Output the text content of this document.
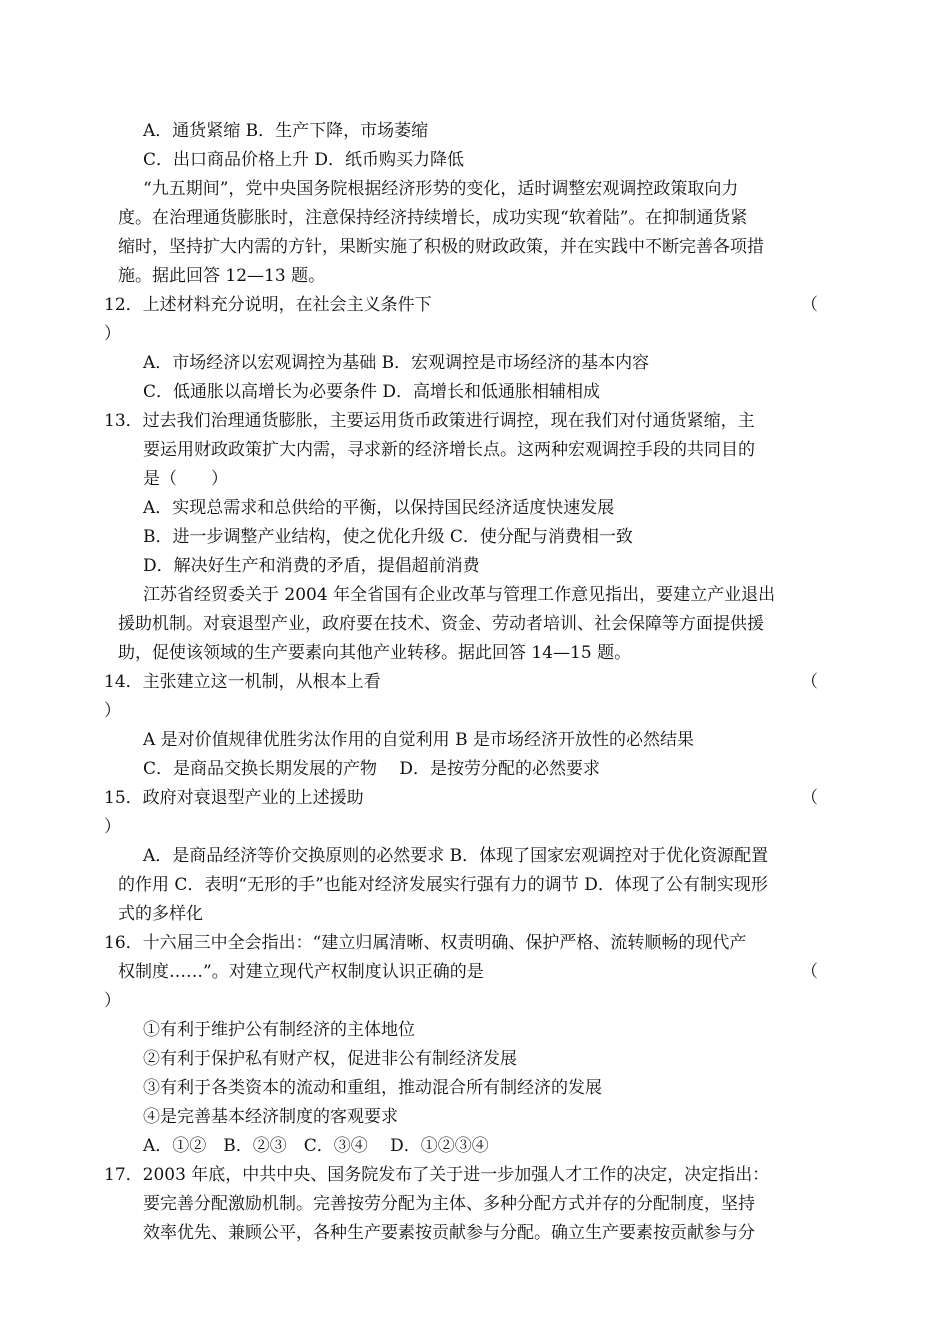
A．通货紧缩 B．生产下降，市场萎缩
C．出口商品价格上升 D．纸币购买力降低
“九五期间”，党中央国务院根据经济形势的变化，适时调整宏观调控政策取向力
度。在治理通货膨胀时，注意保持经济持续增长，成功实现“软着陆”。在抑制通货紧
缩时，坚持扩大内需的方针，果断实施了积极的财政政策，并在实践中不断完善各项措
施。据此回答 12—13 题。
12．上述材料充分说明，在社会主义条件下	（
）
A．市场经济以宏观调控为基础 B．宏观调控是市场经济的基本内容
C．低通胀以高增长为必要条件 D．高增长和低通胀相辅相成
13．过去我们治理通货膨胀，主要运用货币政策进行调控，现在我们对付通货紧缩，主
要运用财政政策扩大内需，寻求新的经济增长点。这两种宏观调控手段的共同目的
是（　　）
A．实现总需求和总供给的平衡，以保持国民经济适度快速发展
B．进一步调整产业结构，使之优化升级 C．使分配与消费相一致
D．解决好生产和消费的矛盾，提倡超前消费
江苏省经贸委关于 2004 年全省国有企业改革与管理工作意见指出，要建立产业退出
援助机制。对衰退型产业，政府要在技术、资金、劳动者培训、社会保障等方面提供援
助，促使该领域的生产要素向其他产业转移。据此回答 14—15 题。
14．主张建立这一机制，从根本上看	（
）
A 是对价值规律优胜劣汰作用的自觉利用 B 是市场经济开放性的必然结果
C．是商品交换长期发展的产物　 D．是按劳分配的必然要求
15．政府对衰退型产业的上述援助	（
）
A．是商品经济等价交换原则的必然要求 B．体现了国家宏观调控对于优化资源配置
的作用 C．表明“无形的手”也能对经济发展实行强有力的调节 D．体现了公有制实现形
式的多样化
16．十六届三中全会指出：“建立归属清晰、权责明确、保护严格、流转顺畅的现代产
权制度……”。对建立现代产权制度认识正确的是	（
）
①有利于维护公有制经济的主体地位
②有利于保护私有财产权，促进非公有制经济发展
③有利于各类资本的流动和重组，推动混合所有制经济的发展
④是完善基本经济制度的客观要求
A．①②　B．②③　C．③④　 D．①②③④
17．2003 年底，中共中央、国务院发布了关于进一步加强人才工作的决定，决定指出：
要完善分配激励机制。完善按劳分配为主体、多种分配方式并存的分配制度，坚持
效率优先、兼顾公平，各种生产要素按贡献参与分配。确立生产要素按贡献参与分
